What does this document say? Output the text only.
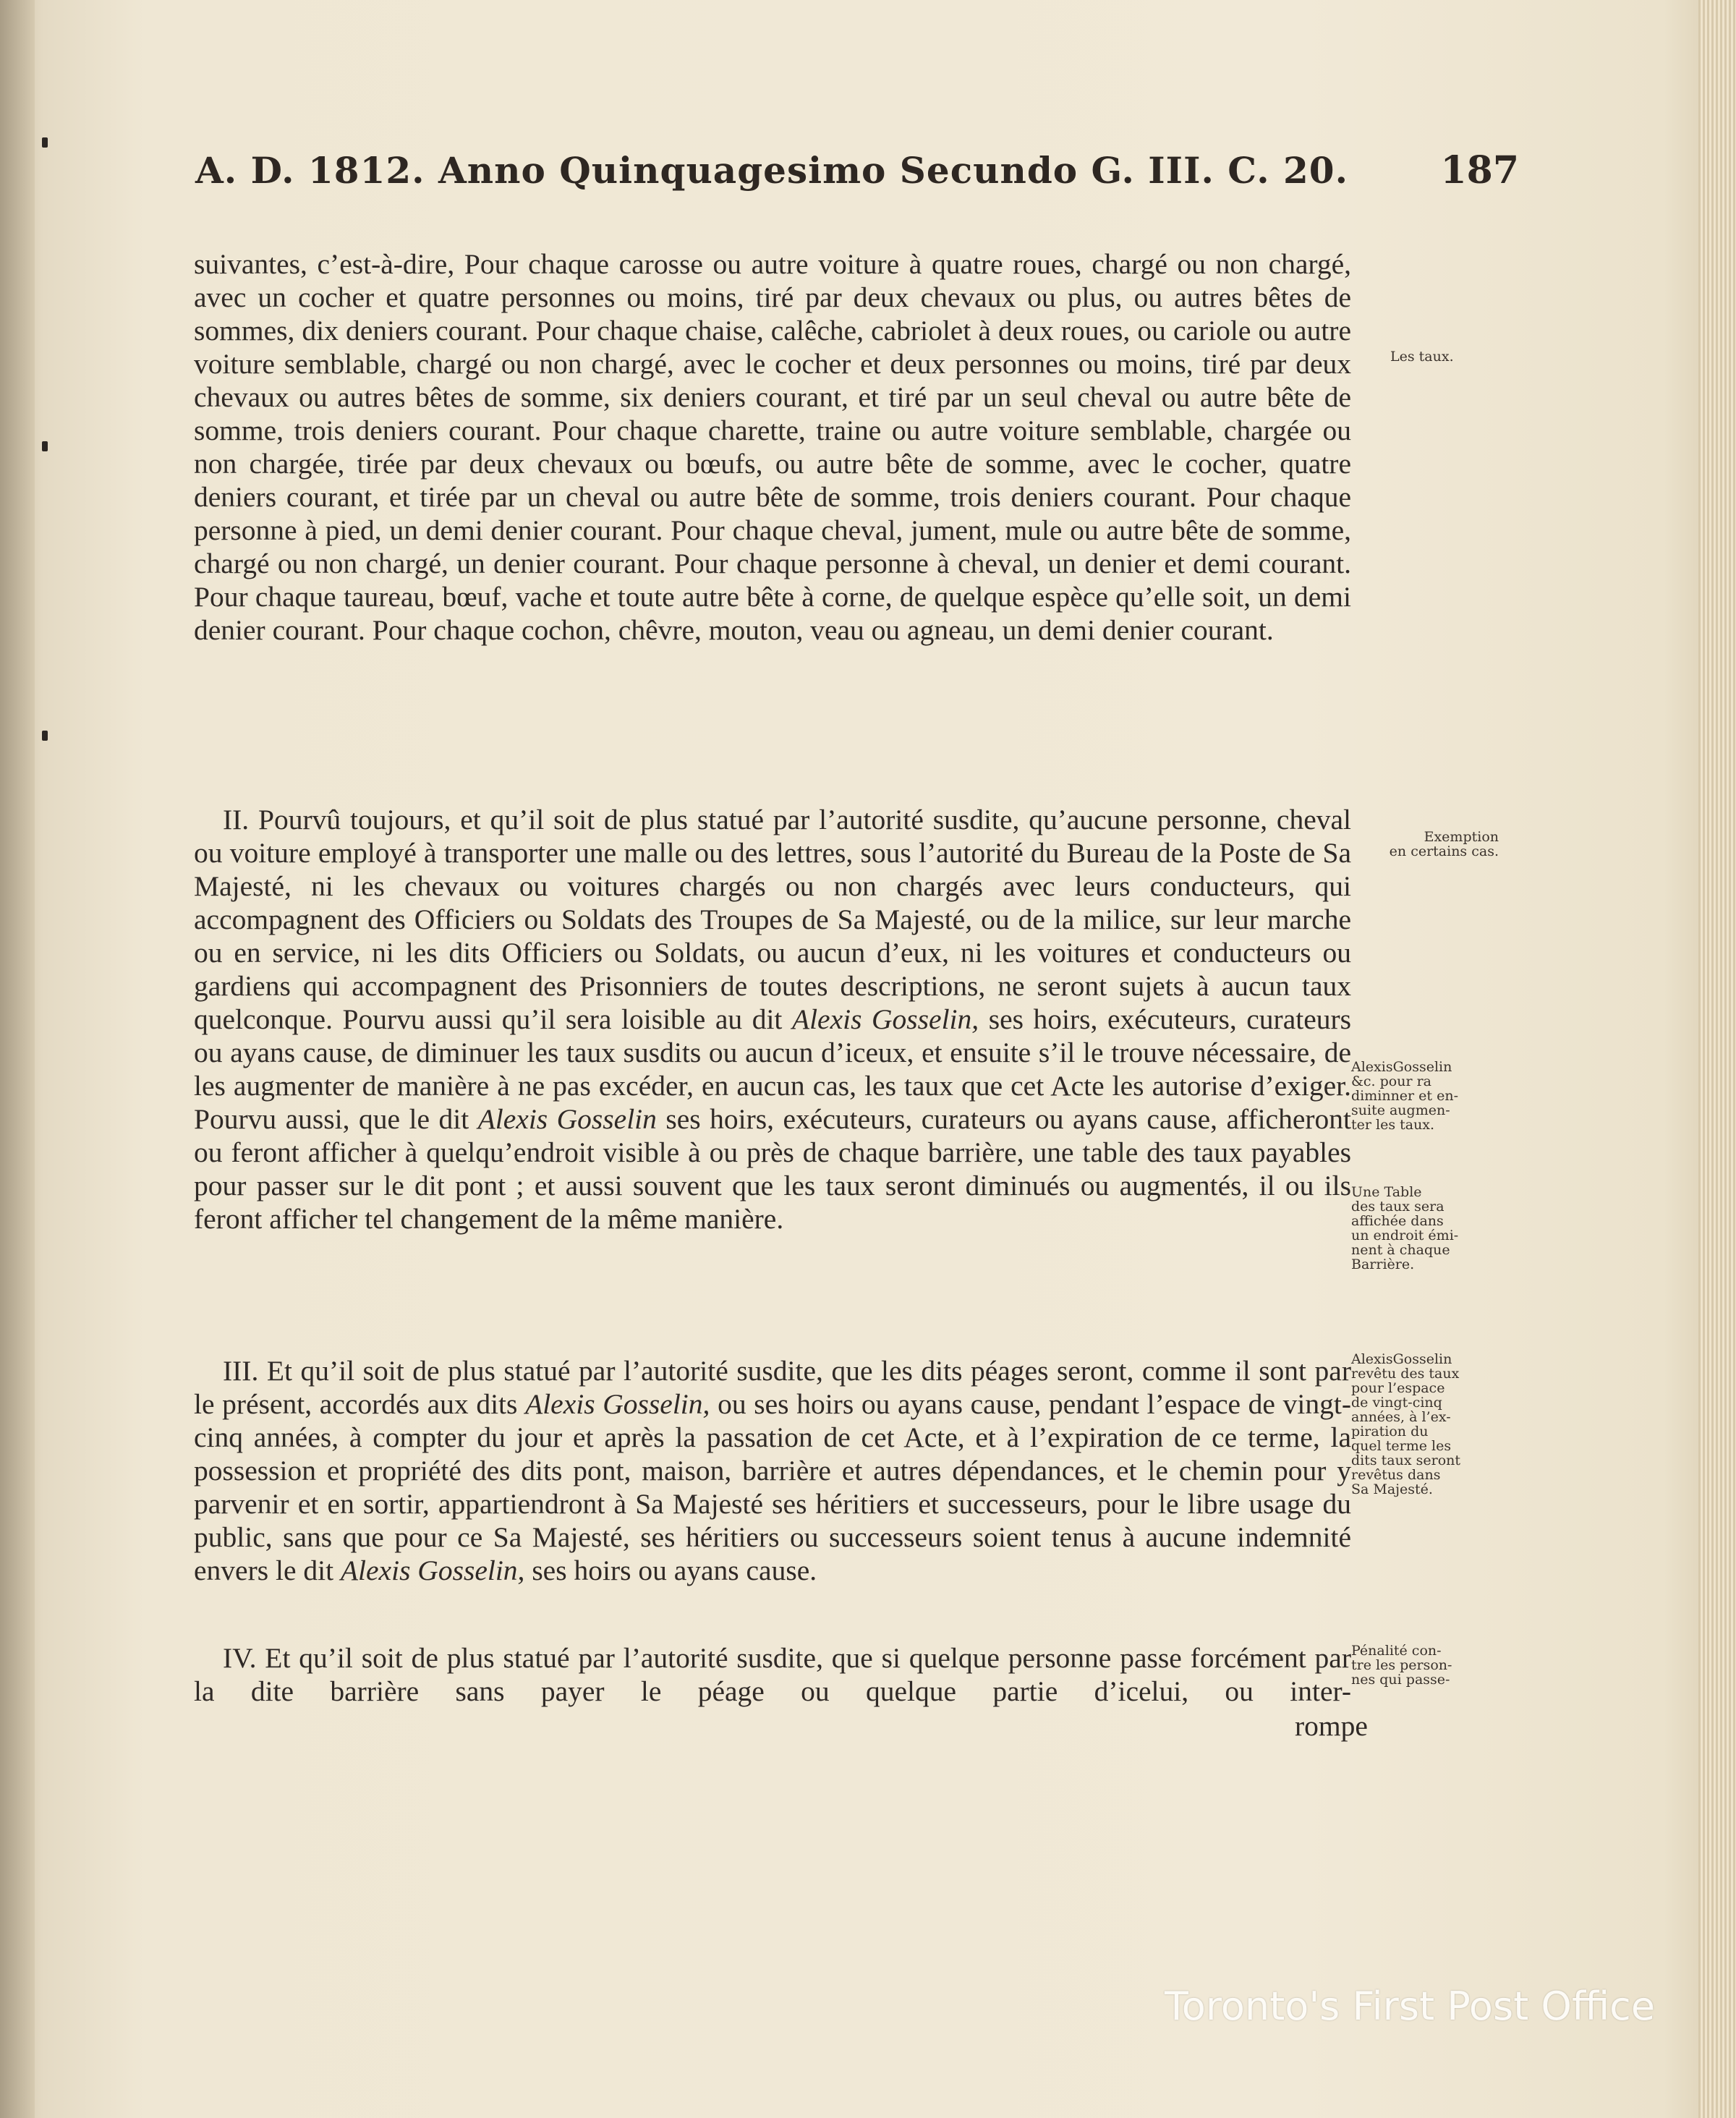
A. D. 1812. Anno Quinquagesimo Secundo G. III. C. 20. 187

suivantes, c’est-à-dire, Pour chaque carosse ou autre voiture à quatre roues, chargé ou non chargé, avec un cocher et quatre personnes ou moins, tiré par deux chevaux ou plus, ou autres bêtes de sommes, dix deniers courant. Pour chaque chaise, calêche, cabriolet à deux roues, ou cariole ou autre voiture semblable, chargé ou non chargé, avec le cocher et deux personnes ou moins, tiré par deux chevaux ou autres bêtes de somme, six deniers courant, et tiré par un seul cheval ou autre bête de somme, trois deniers courant. Pour chaque charette, traine ou autre voiture semblable, chargée ou non chargée, tirée par deux chevaux ou bœufs, ou autre bête de somme, avec le cocher, quatre deniers courant, et tirée par un cheval ou autre bête de somme, trois deniers courant. Pour chaque personne à pied, un demi denier courant. Pour chaque cheval, jument, mule ou autre bête de somme, chargé ou non chargé, un denier courant. Pour chaque personne à cheval, un denier et demi courant. Pour chaque taureau, bœuf, vache et toute autre bête à corne, de quelque espèce qu’elle soit, un demi denier courant. Pour chaque cochon, chêvre, mouton, veau ou agneau, un demi denier courant.

II. Pourvû toujours, et qu’il soit de plus statué par l’autorité susdite, qu’aucune personne, cheval ou voiture employé à transporter une malle ou des lettres, sous l’autorité du Bureau de la Poste de Sa Majesté, ni les chevaux ou voitures chargés ou non chargés avec leurs conducteurs, qui accompagnent des Officiers ou Soldats des Troupes de Sa Majesté, ou de la milice, sur leur marche ou en service, ni les dits Officiers ou Soldats, ou aucun d’eux, ni les voitures et conducteurs ou gardiens qui accompagnent des Prisonniers de toutes descriptions, ne seront sujets à aucun taux quelconque. Pourvu aussi qu’il sera loisible au dit Alexis Gosselin, ses hoirs, exécuteurs, curateurs ou ayans cause, de diminuer les taux susdits ou aucun d’iceux, et ensuite s’il le trouve nécessaire, de les augmenter de manière à ne pas excéder, en aucun cas, les taux que cet Acte les autorise d’exiger. Pourvu aussi, que le dit Alexis Gosselin ses hoirs, exécuteurs, curateurs ou ayans cause, afficheront ou feront afficher à quelqu’endroit visible à ou près de chaque barrière, une table des taux payables pour passer sur le dit pont ; et aussi souvent que les taux seront diminués ou augmentés, il ou ils feront afficher tel changement de la même manière.

III. Et qu’il soit de plus statué par l’autorité susdite, que les dits péages seront, comme il sont par le présent, accordés aux dits Alexis Gosselin, ou ses hoirs ou ayans cause, pendant l’espace de vingt-cinq années, à compter du jour et après la passation de cet Acte, et à l’expiration de ce terme, la possession et propriété des dits pont, maison, barrière et autres dépendances, et le chemin pour y parvenir et en sortir, appartiendront à Sa Majesté ses héritiers et successeurs, pour le libre usage du public, sans que pour ce Sa Majesté, ses héritiers ou successeurs soient tenus à aucune indemnité envers le dit Alexis Gosselin, ses hoirs ou ayans cause.

IV. Et qu’il soit de plus statué par l’autorité susdite, que si quelque personne passe forcément par la dite barrière sans payer le péage ou quelque partie d’icelui, ou inter-

rompe
Les taux.
Exemption
en certains cas.
AlexisGosselin
&c. pour ra
diminner et en-
suite augmen-
ter les taux.
Une Table
des taux sera
affichée dans
un endroit émi-
nent à chaque
Barrière.
AlexisGosselin
revêtu des taux
pour l’espace
de vingt-cinq
années, à l’ex-
piration du
quel terme les
dits taux seront
revêtus dans
Sa Majesté.
Pénalité con-
tre les person-
nes qui passe-
Toronto's First Post Office
